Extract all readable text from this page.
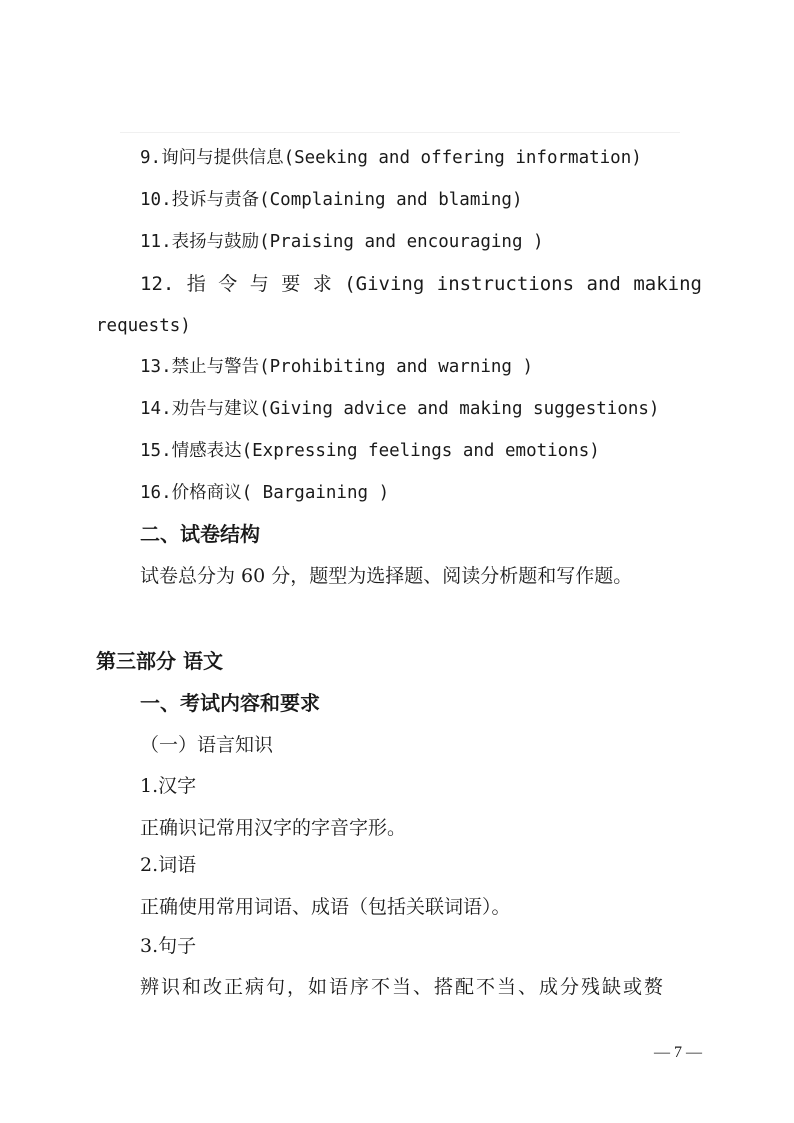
9.询问与提供信息(Seeking and offering information)
10.投诉与责备(Complaining and blaming)
11.表扬与鼓励(Praising and encouraging )
12. 指 令 与 要 求 (Giving instructions and making
requests)
13.禁止与警告(Prohibiting and warning )
14.劝告与建议(Giving advice and making suggestions)
15.情感表达(Expressing feelings and emotions)
16.价格商议( Bargaining )
二、试卷结构
试卷总分为 60 分，题型为选择题、阅读分析题和写作题。
第三部分 语文
一、考试内容和要求
（一）语言知识
1.汉字
正确识记常用汉字的字音字形。
2.词语
正确使用常用词语、成语（包括关联词语）。
3.句子
辨识和改正病句，如语序不当、搭配不当、成分残缺或赘
— 7 —
